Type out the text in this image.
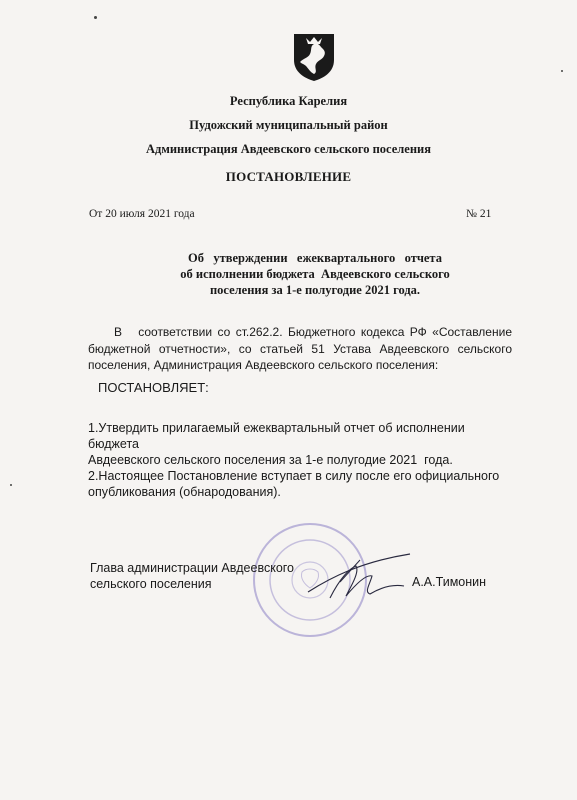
Республика Карелия
Пудожский муниципальный район
Администрация Авдеевского сельского поселения
ПОСТАНОВЛЕНИЕ
От 20 июля 2021 года	№ 21
Об   утверждении   ежеквартального   отчета
об исполнении бюджета  Авдеевского сельского
поселения за 1-е полугодие 2021 года.
В соответствии со ст.262.2. Бюджетного кодекса РФ «Составление бюджетной отчетности», со статьей 51 Устава Авдеевского сельского поселения, Администрация Авдеевского сельского поселения:
ПОСТАНОВЛЯЕТ:
1.Утвердить прилагаемый ежеквартальный отчет об исполнении бюджета
Авдеевского сельского поселения за 1-е полугодие 2021  года.
2.Настоящее Постановление вступает в силу после его официального
опубликования (обнародования).
Глава администрации Авдеевского
сельского поселения	А.А.Тимонин
